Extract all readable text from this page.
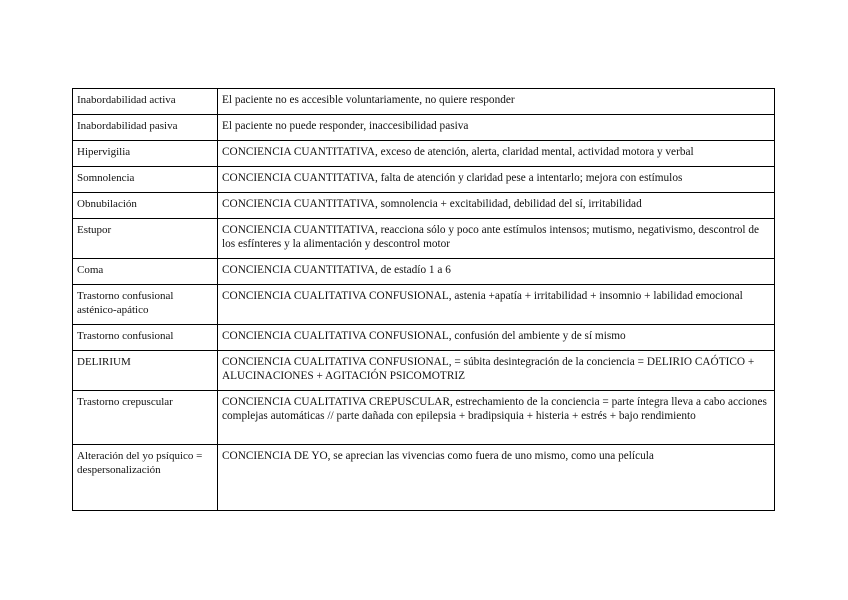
Inabordabilidad activa	El paciente no es accesible voluntariamente, no quiere responder
Inabordabilidad pasiva	El paciente no puede responder, inaccesibilidad pasiva
Hipervigilia	CONCIENCIA CUANTITATIVA, exceso de atención, alerta, claridad mental, actividad motora y verbal
Somnolencia	CONCIENCIA CUANTITATIVA, falta de atención y claridad pese a intentarlo; mejora con estímulos
Obnubilación	CONCIENCIA CUANTITATIVA, somnolencia + excitabilidad, debilidad del sí, irritabilidad
Estupor	CONCIENCIA CUANTITATIVA, reacciona sólo y poco ante estímulos intensos; mutismo, negativismo, descontrol de los esfínteres y la alimentación y descontrol motor
Coma	CONCIENCIA CUANTITATIVA, de estadío 1 a 6
Trastorno confusional asténico-apático	CONCIENCIA CUALITATIVA CONFUSIONAL, astenia +apatía + irritabilidad + insomnio + labilidad emocional
Trastorno confusional	CONCIENCIA CUALITATIVA CONFUSIONAL, confusión del ambiente y de sí mismo
DELIRIUM	CONCIENCIA CUALITATIVA CONFUSIONAL, = súbita desintegración de la conciencia = DELIRIO CAÓTICO + ALUCINACIONES + AGITACIÓN PSICOMOTRIZ
Trastorno crepuscular	CONCIENCIA CUALITATIVA CREPUSCULAR, estrechamiento de la conciencia = parte íntegra lleva a cabo acciones complejas automáticas // parte dañada con epilepsia + bradipsiquia + histeria + estrés + bajo rendimiento
Alteración del yo psíquico = despersonalización	CONCIENCIA DE YO, se aprecian las vivencias como fuera de uno mismo, como una película
